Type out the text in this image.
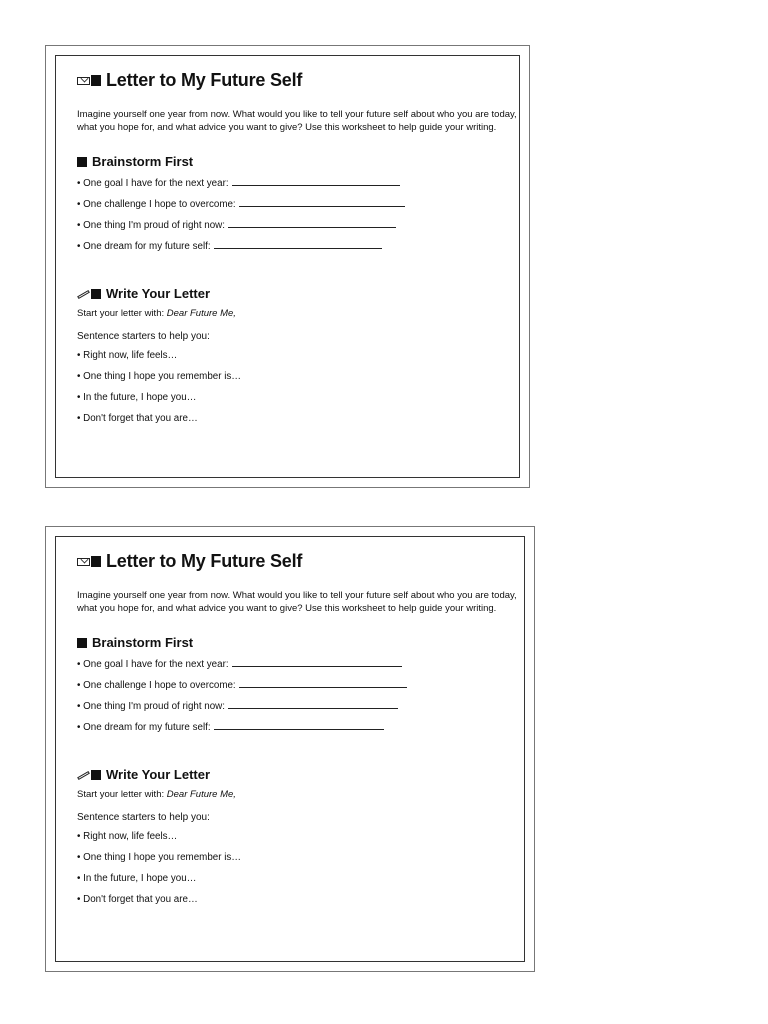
Letter to My Future Self
Imagine yourself one year from now. What would you like to tell your future self about who you are today, what you hope for, and what advice you want to give? Use this worksheet to help guide your writing.
Brainstorm First
• One goal I have for the next year:
• One challenge I hope to overcome:
• One thing I'm proud of right now:
• One dream for my future self:
Write Your Letter
Start your letter with: Dear Future Me,
Sentence starters to help you:
• Right now, life feels…
• One thing I hope you remember is…
• In the future, I hope you…
• Don't forget that you are…
Letter to My Future Self
Imagine yourself one year from now. What would you like to tell your future self about who you are today, what you hope for, and what advice you want to give? Use this worksheet to help guide your writing.
Brainstorm First
• One goal I have for the next year:
• One challenge I hope to overcome:
• One thing I'm proud of right now:
• One dream for my future self:
Write Your Letter
Start your letter with: Dear Future Me,
Sentence starters to help you:
• Right now, life feels…
• One thing I hope you remember is…
• In the future, I hope you…
• Don't forget that you are…
